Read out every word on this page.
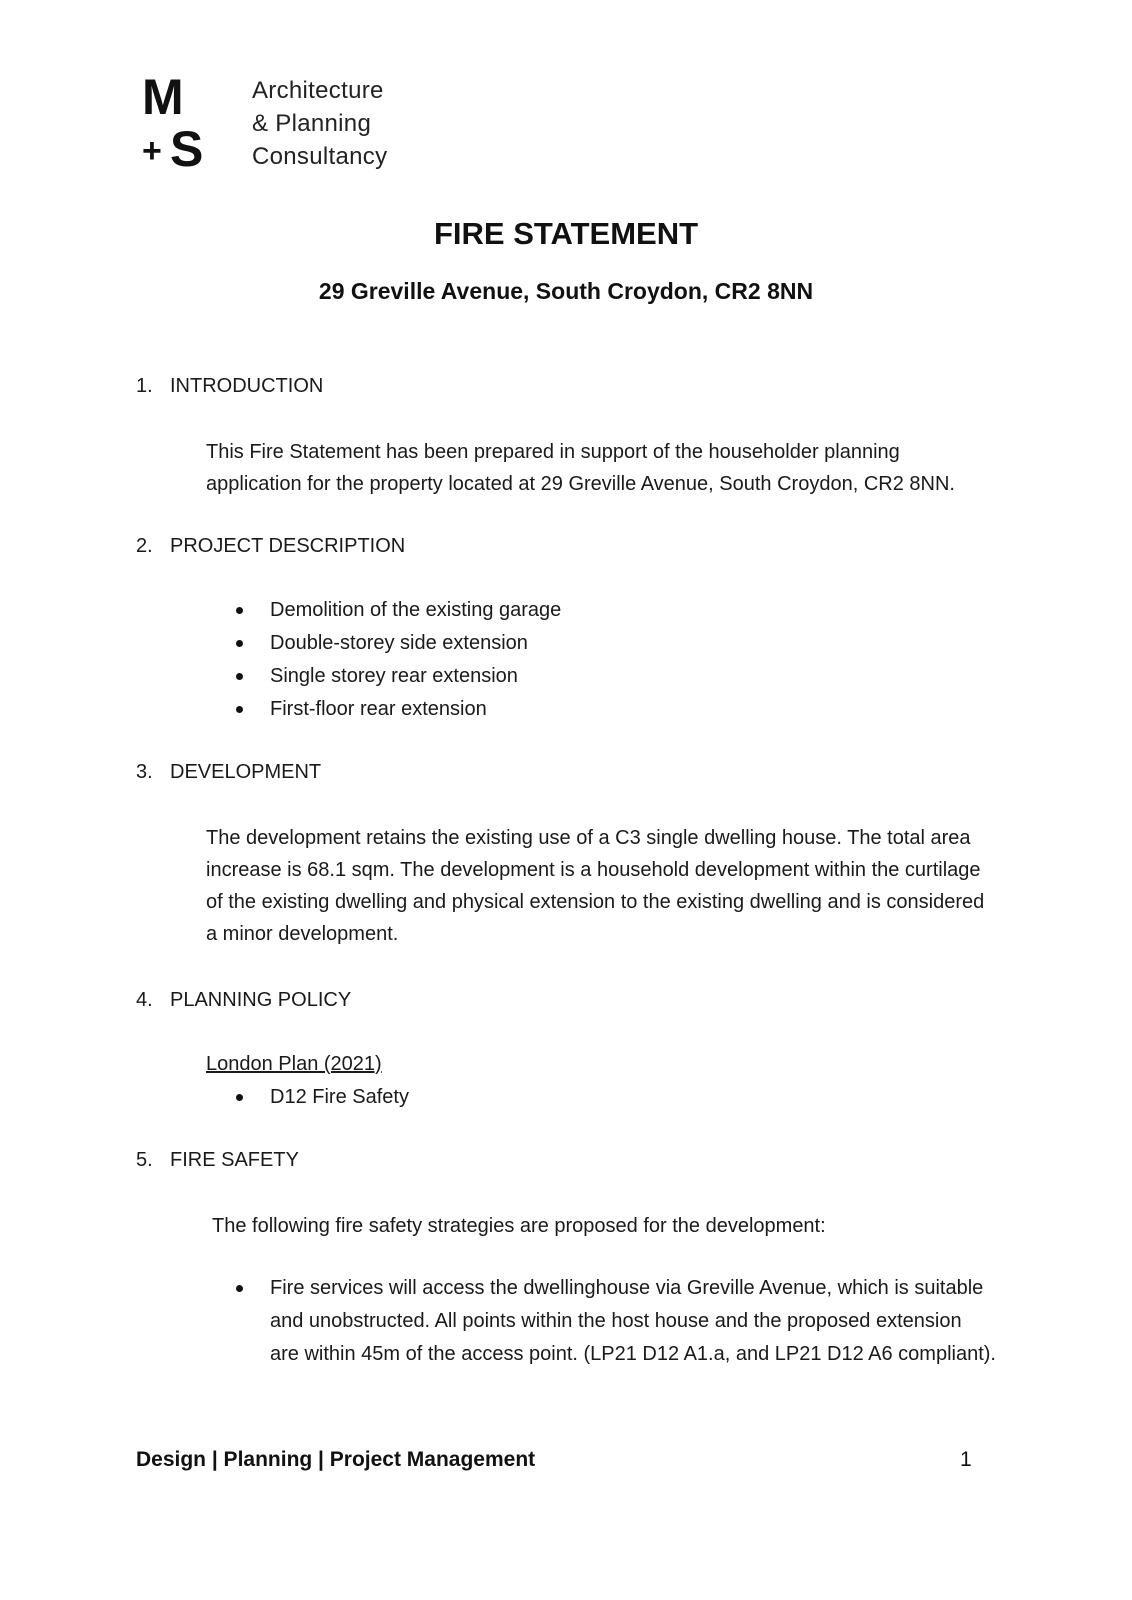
M
+ S
Architecture
& Planning
Consultancy
FIRE STATEMENT
29 Greville Avenue, South Croydon, CR2 8NN
1. INTRODUCTION
This Fire Statement has been prepared in support of the householder planning application for the property located at 29 Greville Avenue, South Croydon, CR2 8NN.
2. PROJECT DESCRIPTION
Demolition of the existing garage
Double-storey side extension
Single storey rear extension
First-floor rear extension
3. DEVELOPMENT
The development retains the existing use of a C3 single dwelling house. The total area increase is 68.1 sqm. The development is a household development within the curtilage of the existing dwelling and physical extension to the existing dwelling and is considered a minor development.
4. PLANNING POLICY
London Plan (2021)
D12 Fire Safety
5. FIRE SAFETY
The following fire safety strategies are proposed for the development:
Fire services will access the dwellinghouse via Greville Avenue, which is suitable and unobstructed. All points within the host house and the proposed extension are within 45m of the access point. (LP21 D12 A1.a, and LP21 D12 A6 compliant).
Design | Planning | Project Management	1
